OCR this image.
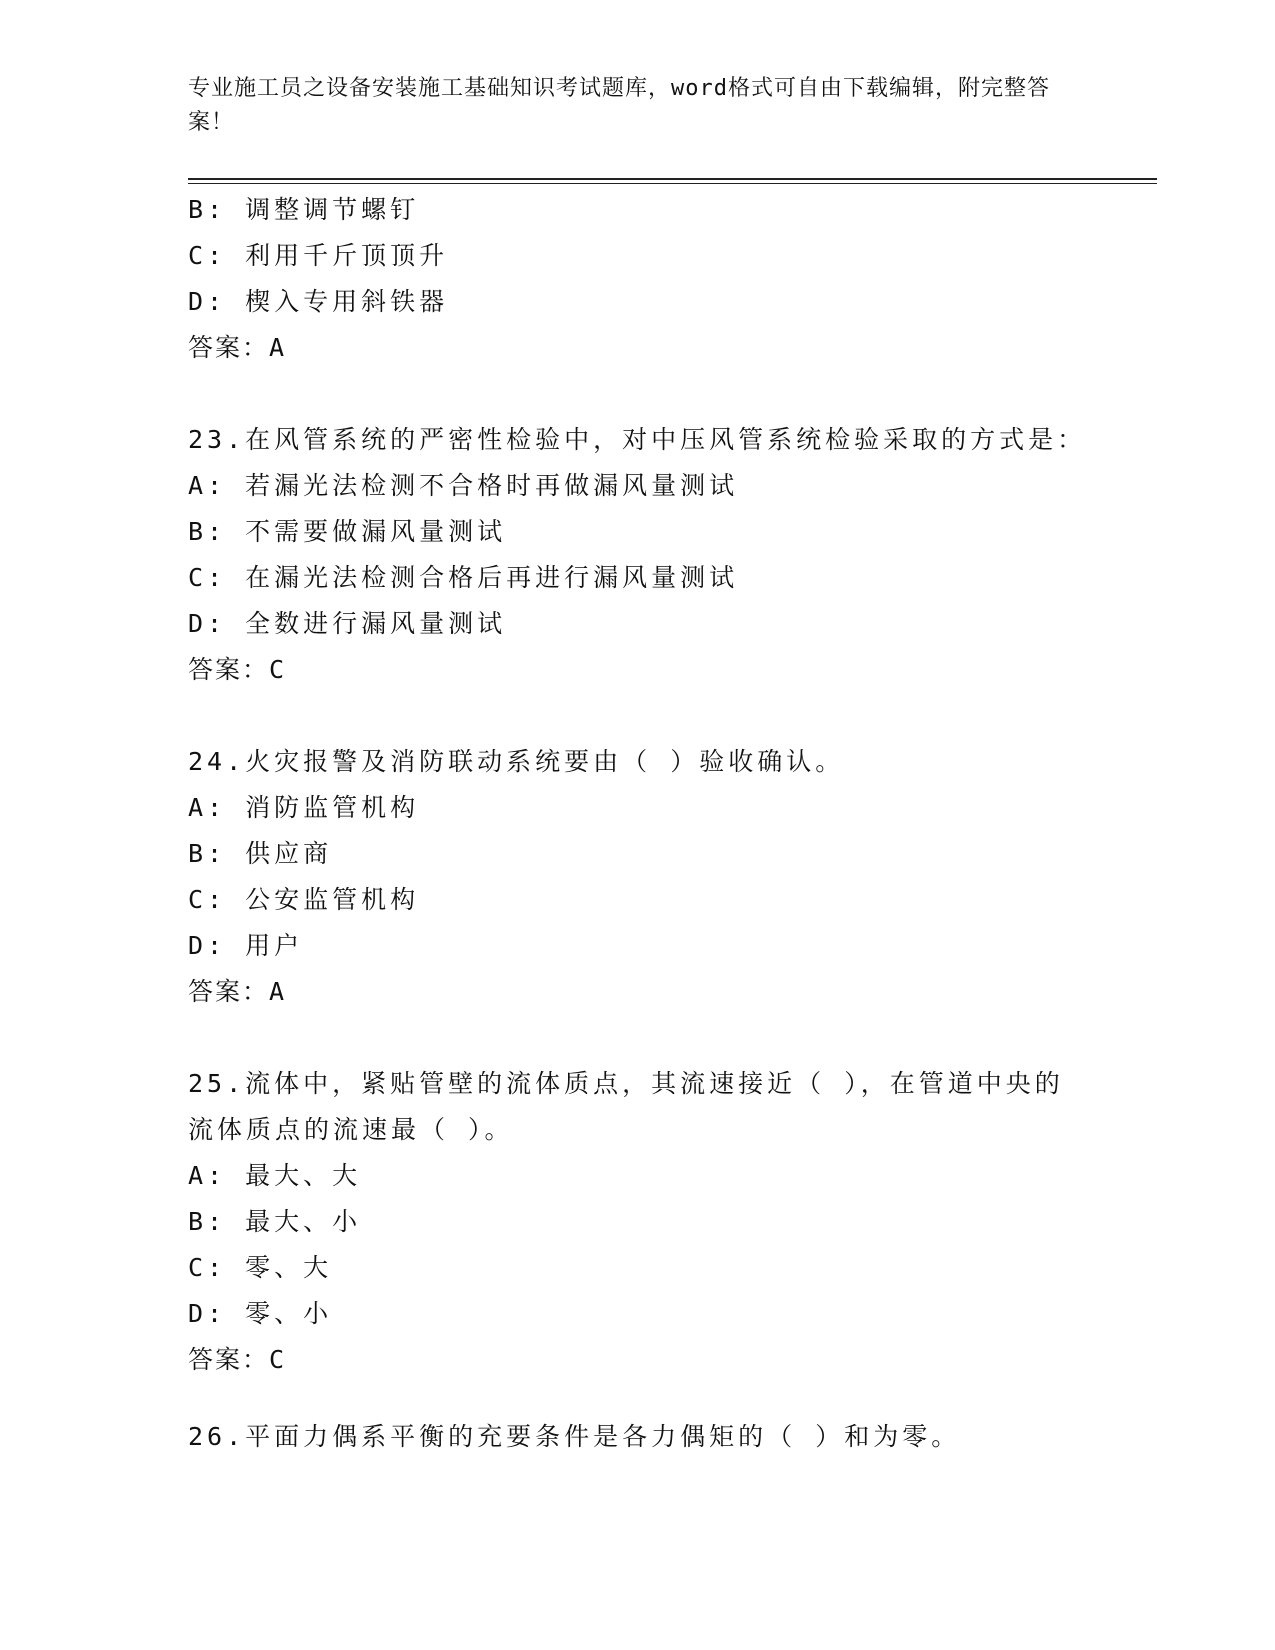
专业施工员之设备安装施工基础知识考试题库，word格式可自由下载编辑，附完整答案！
B: 调整调节螺钉
C: 利用千斤顶顶升
D: 楔入专用斜铁器
答案：A
23.在风管系统的严密性检验中，对中压风管系统检验采取的方式是：
A: 若漏光法检测不合格时再做漏风量测试
B: 不需要做漏风量测试
C: 在漏光法检测合格后再进行漏风量测试
D: 全数进行漏风量测试
答案：C
24.火灾报警及消防联动系统要由（ ）验收确认。
A: 消防监管机构
B: 供应商
C: 公安监管机构
D: 用户
答案：A
25.流体中，紧贴管壁的流体质点，其流速接近（ ），在管道中央的
流体质点的流速最（ ）。
A: 最大、大
B: 最大、小
C: 零、大
D: 零、小
答案：C
26.平面力偶系平衡的充要条件是各力偶矩的（ ）和为零。
